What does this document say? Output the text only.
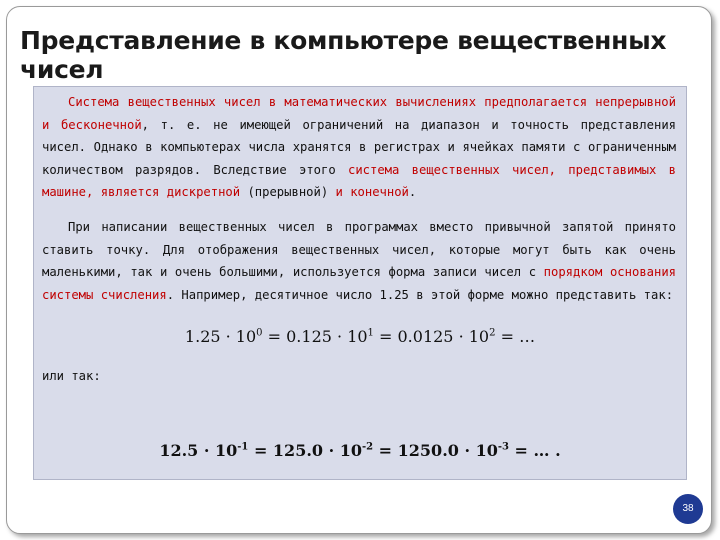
Представление в компьютере вещественных чисел

Система вещественных чисел в математических вычислениях предполагается непрерывной и бесконечной, т. е. не имеющей ограничений на диапазон и точность представления чисел. Однако в компьютерах числа хранятся в регистрах и ячейках памяти с ограниченным количеством разрядов. Вследствие этого система вещественных чисел, представимых в машине, является дискретной (прерывной) и конечной.

При написании вещественных чисел в программах вместо привычной запятой принято ставить точку. Для отображения вещественных чисел, которые могут быть как очень маленькими, так и очень большими, используется форма записи чисел с порядком основания системы счисления. Например, десятичное число 1.25 в этой форме можно представить так:

$1.25 \cdot 10^0 = 0.125 \cdot 10^1 = 0.0125 \cdot 10^2$ = …
или так:
$12.5 \cdot 10^{-1} = 125.0 \cdot 10^{-2} = 1250.0 \cdot 10^{-3}$ = … .
38
